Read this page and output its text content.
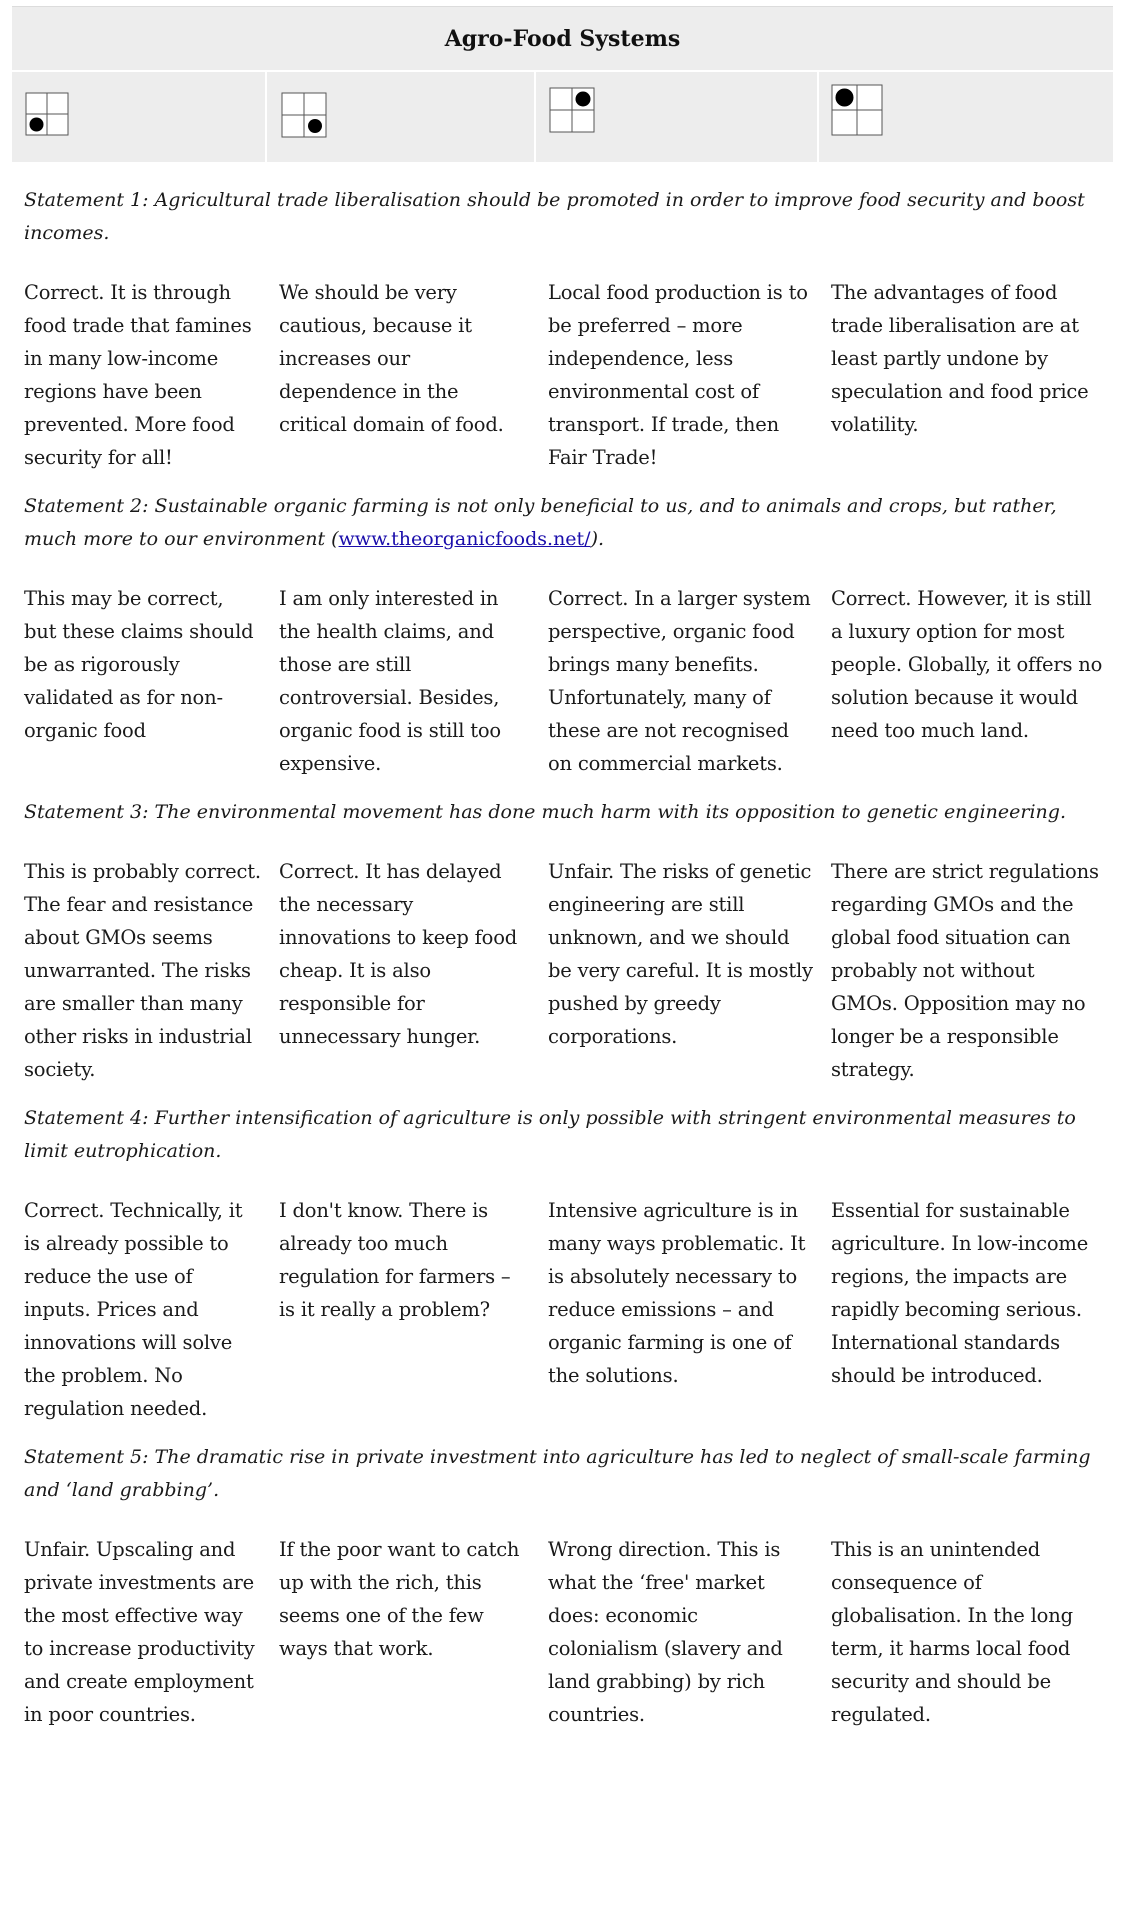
Agro-Food Systems

Statement 1: Agricultural trade liberalisation should be promoted in order to improve food security and boost incomes.

Correct. It is through food trade that famines in many low-income regions have been prevented. More food security for all!
We should be very cautious, because it increases our dependence in the critical domain of food.
Local food production is to be preferred – more independence, less environmental cost of transport. If trade, then Fair Trade!
The advantages of food trade liberalisation are at least partly undone by speculation and food price volatility.

Statement 2: Sustainable organic farming is not only beneficial to us, and to animals and crops, but rather, much more to our environment (www.theorganicfoods.net/).

This may be correct, but these claims should be as rigorously validated as for non-organic food
I am only interested in the health claims, and those are still controversial. Besides, organic food is still too expensive.
Correct. In a larger system perspective, organic food brings many benefits. Unfortunately, many of these are not recognised on commercial markets.
Correct. However, it is still a luxury option for most people. Globally, it offers no solution because it would need too much land.

Statement 3: The environmental movement has done much harm with its opposition to genetic engineering.

This is probably correct. The fear and resistance about GMOs seems unwarranted. The risks are smaller than many other risks in industrial society.
Correct. It has delayed the necessary innovations to keep food cheap. It is also responsible for unnecessary hunger.
Unfair. The risks of genetic engineering are still unknown, and we should be very careful. It is mostly pushed by greedy corporations.
There are strict regulations regarding GMOs and the global food situation can probably not without GMOs. Opposition may no longer be a responsible strategy.

Statement 4: Further intensification of agriculture is only possible with stringent environmental measures to limit eutrophication.

Correct. Technically, it is already possible to reduce the use of inputs. Prices and innovations will solve the problem. No regulation needed.
I don't know. There is already too much regulation for farmers – is it really a problem?
Intensive agriculture is in many ways problematic. It is absolutely necessary to reduce emissions – and organic farming is one of the solutions.
Essential for sustainable agriculture. In low-income regions, the impacts are rapidly becoming serious. International standards should be introduced.

Statement 5: The dramatic rise in private investment into agriculture has led to neglect of small-scale farming and ‘land grabbing’.

Unfair. Upscaling and private investments are the most effective way to increase productivity and create employment in poor countries.
If the poor want to catch up with the rich, this seems one of the few ways that work.
Wrong direction. This is what the ‘free' market does: economic colonialism (slavery and land grabbing) by rich countries.
This is an unintended consequence of globalisation. In the long term, it harms local food security and should be regulated.
